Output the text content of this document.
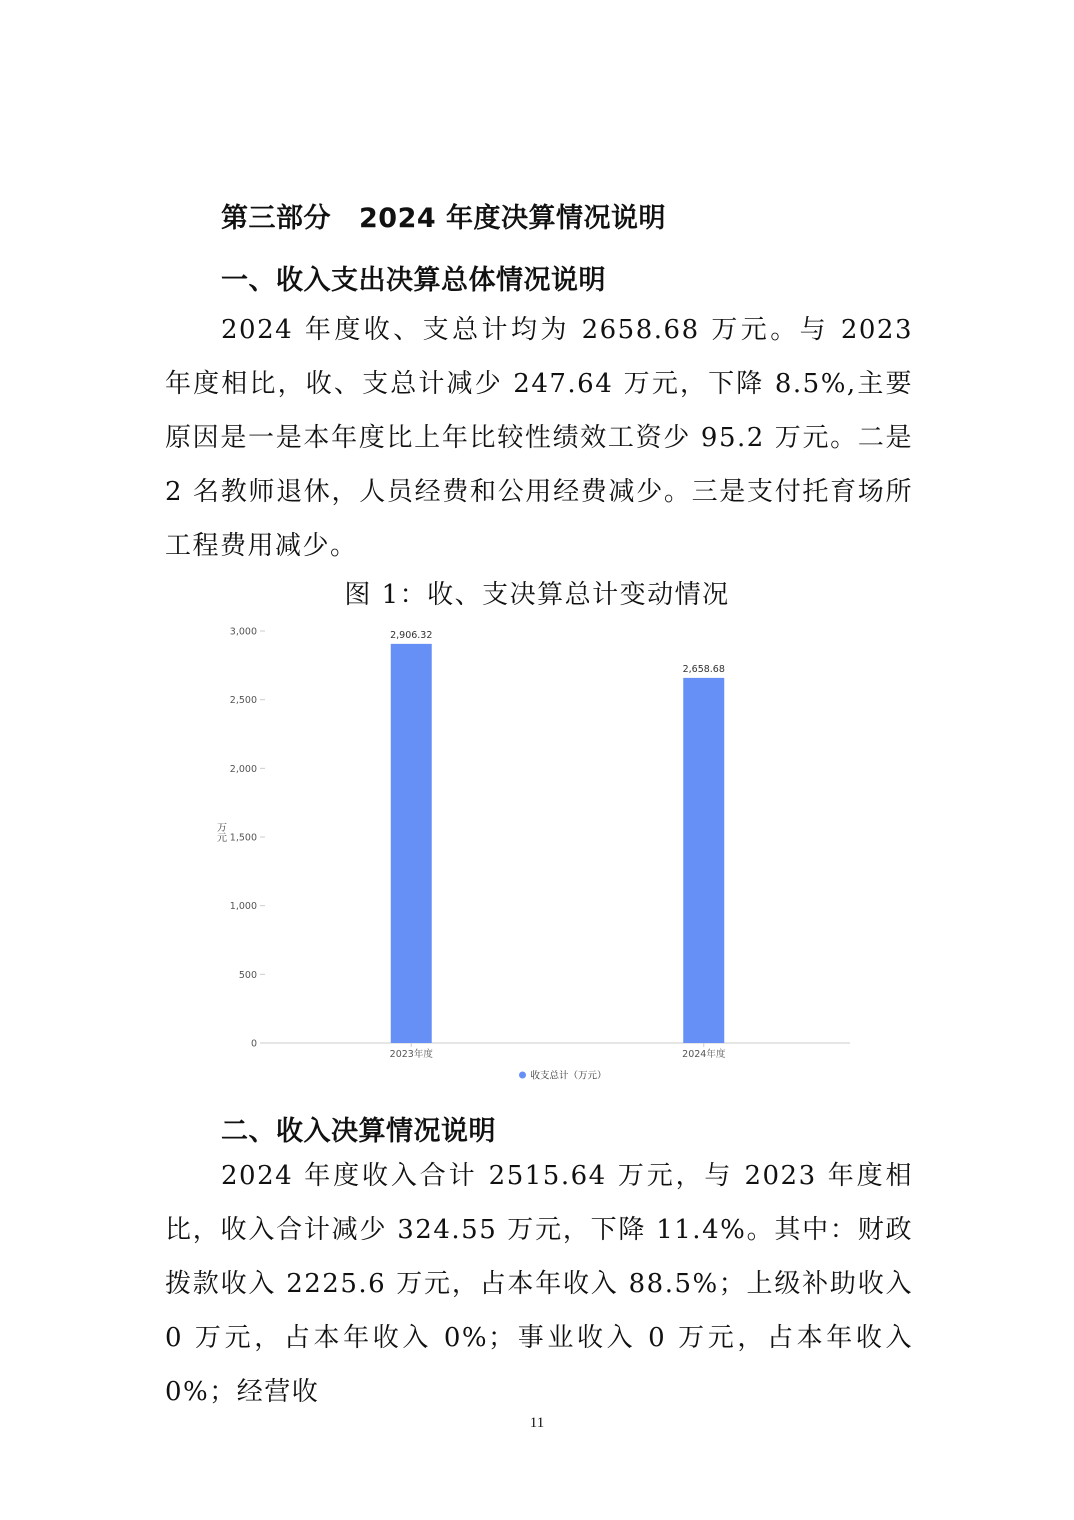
第三部分 2024 年度决算情况说明
一、收入支出决算总体情况说明

2024 年度收、支总计均为 2658.68 万元。与 2023 年度相比，收、支总计减少 247.64 万元，下降 8.5%,主要原因是一是本年度比上年比较性绩效工资少 95.2 万元。二是 2 名教师退休，人员经费和公用经费减少。三是支付托育场所工程费用减少。

图 1：收、支决算总计变动情况
万元
0
500
1,000
1,500
2,000
2,500
3,000	2,906.32
2,658.68
2023年度	2024年度
收支总计（万元）
二、收入决算情况说明

2024 年度收入合计 2515.64 万元，与 2023 年度相比，收入合计减少 324.55 万元，下降 11.4%。其中：财政拨款收入 2225.6 万元，占本年收入 88.5%；上级补助收入 0 万元，占本年收入 0%；事业收入 0 万元，占本年收入 0%；经营收

11
